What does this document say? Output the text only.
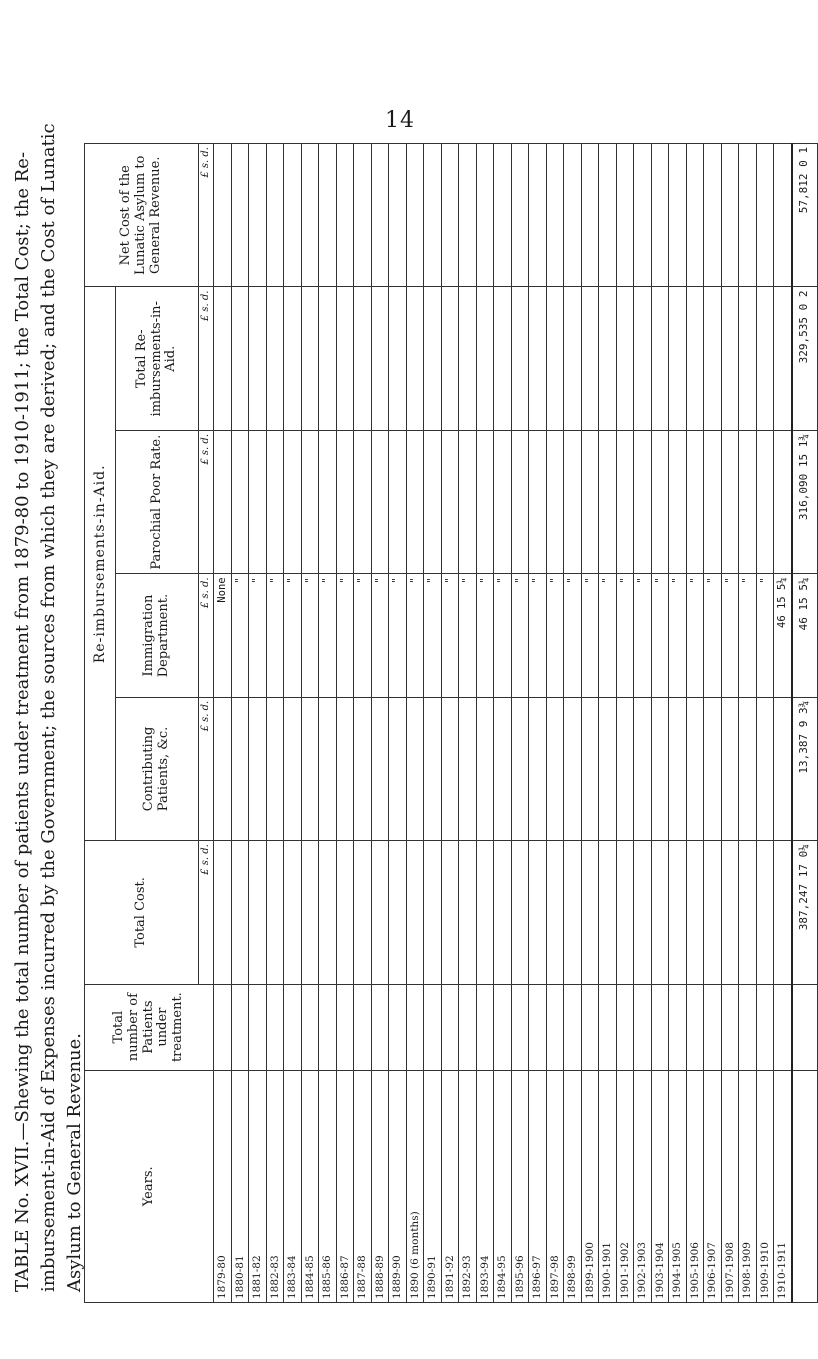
14
TABLE No. XVII.—Shewing the total number of patients under treatment from 1879-80 to 1910-1911; the Total Cost; the Re-imbursement-in-Aid of Expenses incurred by the Government; the sources from which they are derived; and the Cost of Lunatic Asylum to General Revenue.	Years.	Total number of Patients under treatment.	Total Cost.	Re-imbursements-in-Aid.				Net Cost of the Lunatic Asylum to General Revenue.
			Contributing Patients, &c.	Immigration Department.	Parochial Poor Rate.	Total Re-imbursements-in-Aid.	
		£ s. d.	£ s. d.	£ s. d.	£ s. d.	£ s. d.	£ s. d.
1879-80				None			
1880-81				"			
1881-82				"			
1882-83				"			
1883-84				"			
1884-85				"			
1885-86				"			
1886-87				"			
1887-88				"			
1888-89				"			
1889-90				"			
1890 (6 months)				"			
1890-91				"			
1891-92				"			
1892-93				"			
1893-94				"			
1894-95				"			
1895-96				"			
1896-97				"			
1897-98				"			
1898-99				"			
1899-1900				"			
1900-1901				"			
1901-1902				"			
1902-1903				"			
1903-1904				"			
1904-1905				"			
1905-1906				"			
1906-1907				"			
1907-1908				"			
1908-1909				"			
1909-1910				"			
1910-1911				46 15 5¼			
		387,247 17 0¼	13,387 9 3¾	46 15 5¼	316,090 15 1¾	329,535 0 2	57,812 0 1
